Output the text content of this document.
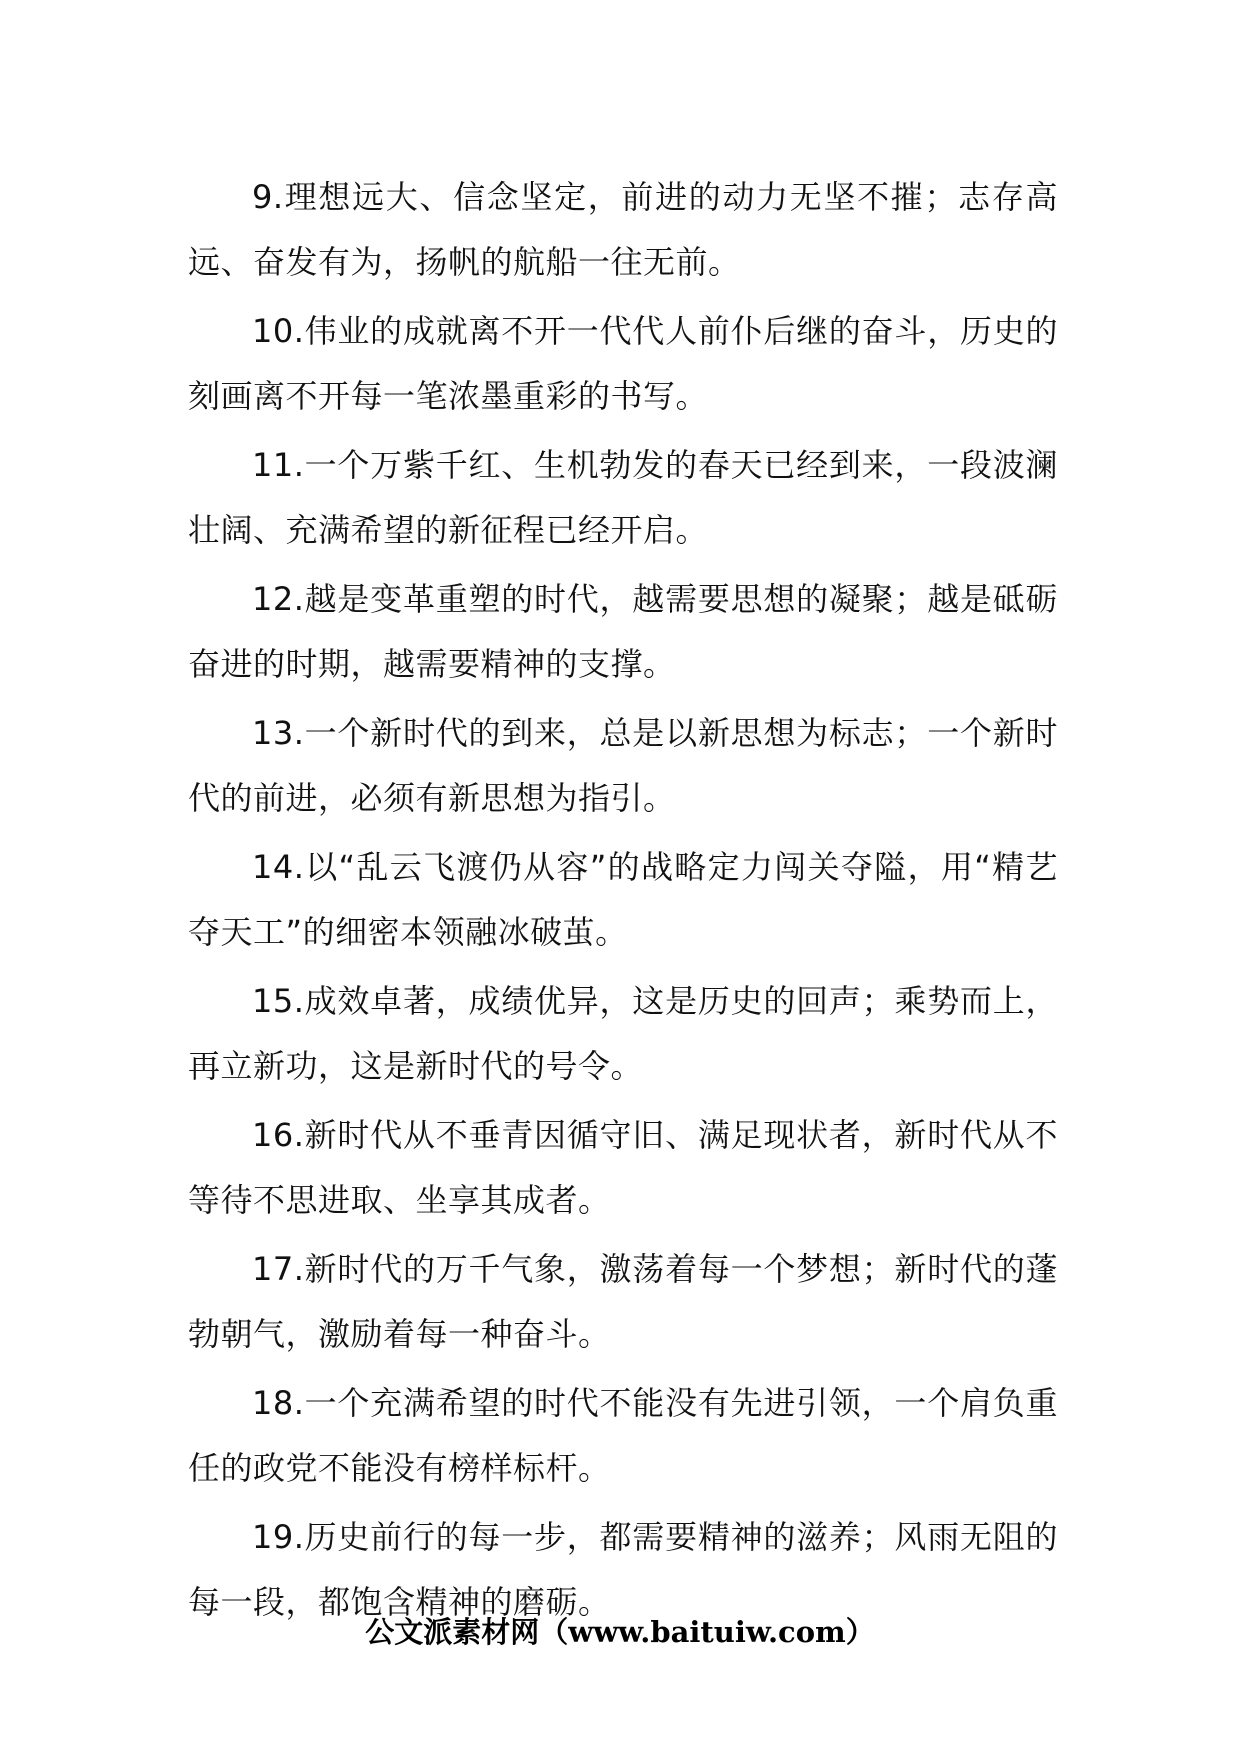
9.理想远大、信念坚定，前进的动力无坚不摧；志存高远、奋发有为，扬帆的航船一往无前。

10.伟业的成就离不开一代代人前仆后继的奋斗，历史的刻画离不开每一笔浓墨重彩的书写。

11.一个万紫千红、生机勃发的春天已经到来，一段波澜壮阔、充满希望的新征程已经开启。

12.越是变革重塑的时代，越需要思想的凝聚；越是砥砺奋进的时期，越需要精神的支撑。

13.一个新时代的到来，总是以新思想为标志；一个新时代的前进，必须有新思想为指引。

14.以“乱云飞渡仍从容”的战略定力闯关夺隘，用“精艺夺天工”的细密本领融冰破茧。

15.成效卓著，成绩优异，这是历史的回声；乘势而上，再立新功，这是新时代的号令。

16.新时代从不垂青因循守旧、满足现状者，新时代从不等待不思进取、坐享其成者。

17.新时代的万千气象，激荡着每一个梦想；新时代的蓬勃朝气，激励着每一种奋斗。

18.一个充满希望的时代不能没有先进引领，一个肩负重任的政党不能没有榜样标杆。

19.历史前行的每一步，都需要精神的滋养；风雨无阻的每一段，都饱含精神的磨砺。

公文派素材网（www.baituiw.com）
